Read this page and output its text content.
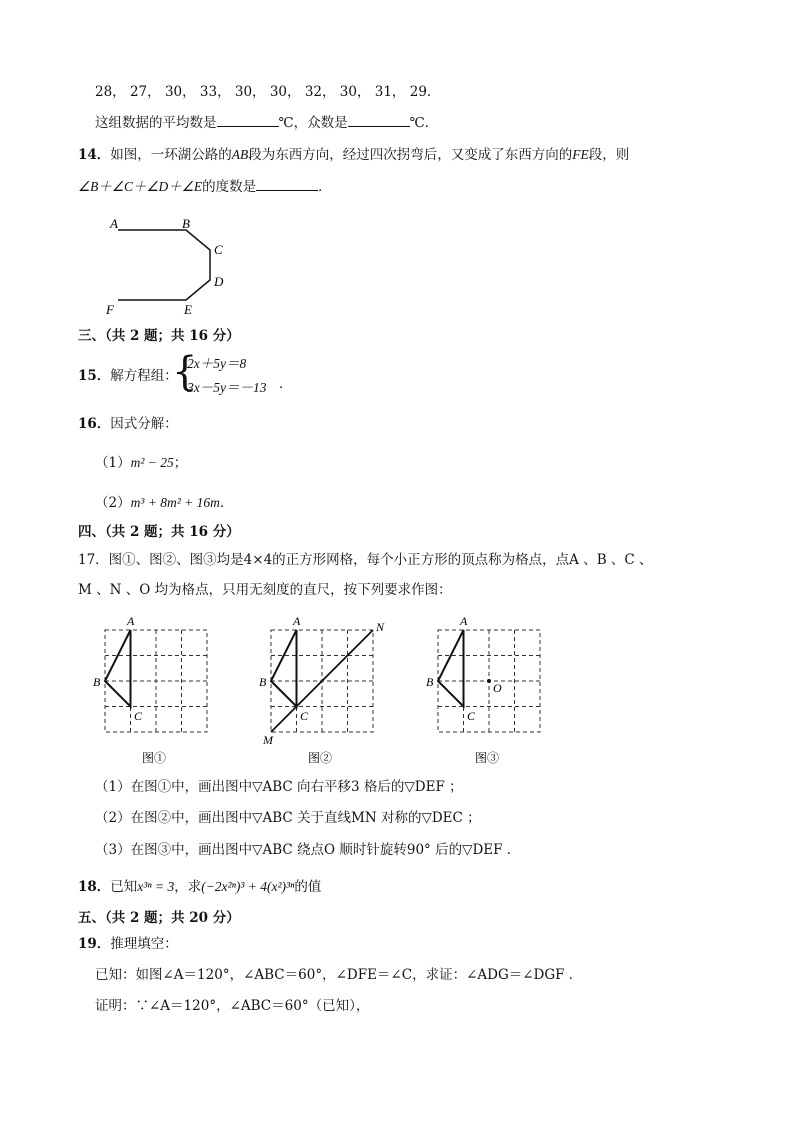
28， 27， 30， 33， 30， 30， 32， 30， 31， 29．
这组数据的平均数是	℃，众数是	℃．
14．如图，一环湖公路的AB段为东西方向，经过四次拐弯后，又变成了东西方向的FE段，则
∠B＋∠C＋∠D＋∠E的度数是	．
A	B
C
D
E
F
三、（共 2 题；共 16 分）
15．解方程组：
{
2x＋5y＝8
3x－5y＝－13 ．
16．因式分解：
（1）m² − 25；
（2）m³ + 8m² + 16m.
四、（共 2 题；共 16 分）
17．图①、图②、图③均是4×4的正方形网格，每个小正方形的顶点称为格点，点A 、B 、C 、
M 、N 、O 均为格点，只用无刻度的直尺，按下列要求作图：
A
B
C
图①
A
B
C
M
N
图②
A
B
C
O
图③
（1）在图①中，画出图中▽ABC 向右平移3 格后的▽DEF ；
（2）在图②中，画出图中▽ABC 关于直线MN 对称的▽DEC ；
（3）在图③中，画出图中▽ABC 绕点O 顺时针旋转90° 后的▽DEF ．
18．已知x³ⁿ = 3，求(−2x²ⁿ)³ + 4(x²)³ⁿ的值
五、（共 2 题；共 20 分）
19．推理填空：
已知：如图∠A＝120°，∠ABC＝60°，∠DFE＝∠C，求证：∠ADG＝∠DGF ．
证明：∵∠A＝120°，∠ABC＝60°（已知），
